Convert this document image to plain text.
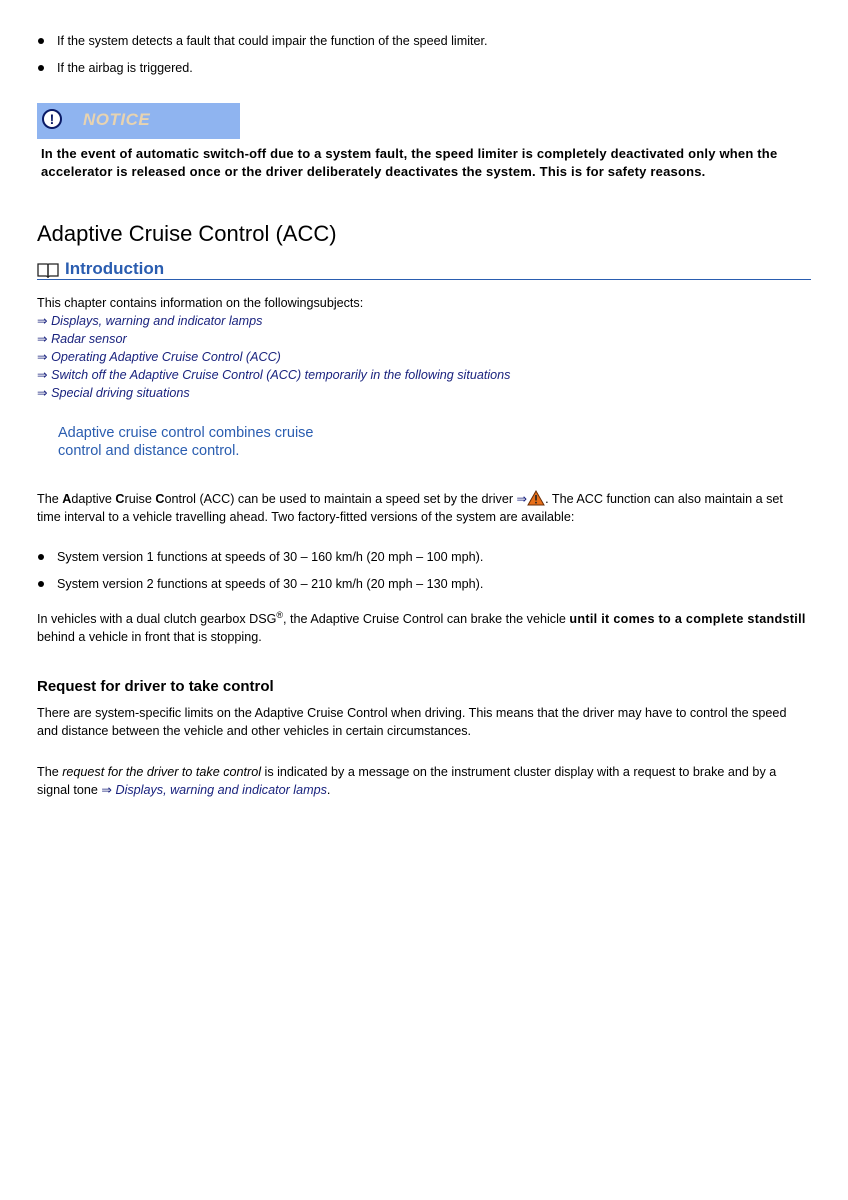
If the system detects a fault that could impair the function of the speed limiter.
If the airbag is triggered.
!	NOTICE
In the event of automatic switch-off due to a system fault, the speed limiter is completely deactivated only when the accelerator is released once or the driver deliberately deactivates the system. This is for safety reasons.
Adaptive Cruise Control (ACC)
Introduction
This chapter contains information on the followingsubjects:
⇒ Displays, warning and indicator lamps
⇒ Radar sensor
⇒ Operating Adaptive Cruise Control (ACC)
⇒ Switch off the Adaptive Cruise Control (ACC) temporarily in the following situations
⇒ Special driving situations
Adaptive cruise control combines cruise
control and distance control.
The Adaptive Cruise Control (ACC) can be used to maintain a speed set by the driver ⇒ . The ACC function can also maintain a set time interval to a vehicle travelling ahead. Two factory-fitted versions of the system are available:
System version 1 functions at speeds of 30 – 160 km/h (20 mph – 100 mph).
System version 2 functions at speeds of 30 – 210 km/h (20 mph – 130 mph).
In vehicles with a dual clutch gearbox DSG®, the Adaptive Cruise Control can brake the vehicle until it comes to a complete standstill behind a vehicle in front that is stopping.
Request for driver to take control
There are system-specific limits on the Adaptive Cruise Control when driving. This means that the driver may have to control the speed and distance between the vehicle and other vehicles in certain circumstances.
The request for the driver to take control is indicated by a message on the instrument cluster display with a request to brake and by a signal tone ⇒ Displays, warning and indicator lamps.
